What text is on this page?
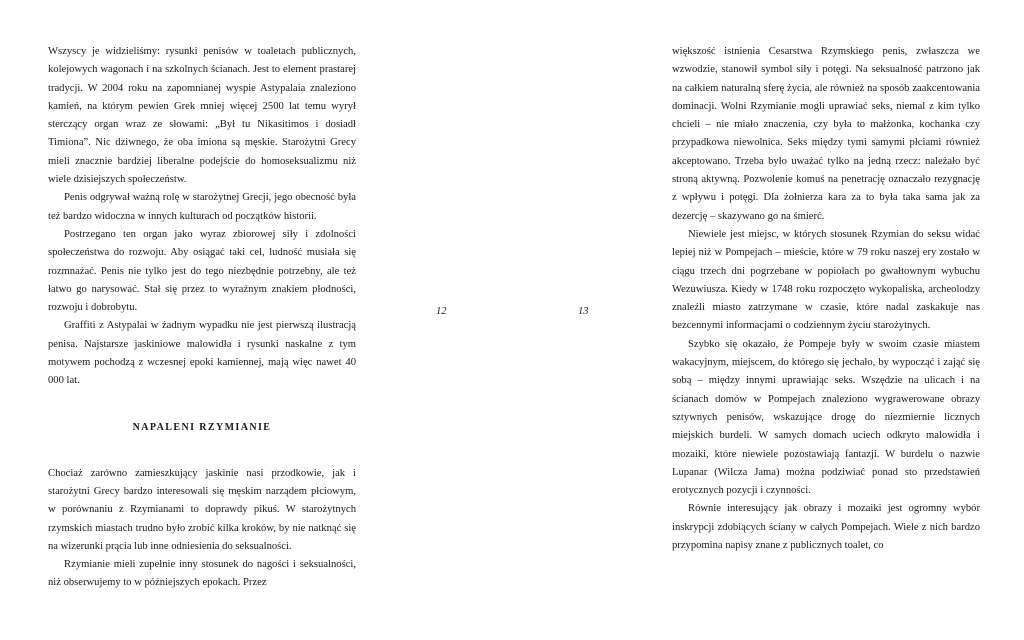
Wszyscy je widzieliśmy: rysunki penisów w toaletach publicznych, kolejowych wagonach i na szkolnych ścianach. Jest to element prastarej tradycji. W 2004 roku na zapomnianej wyspie Astypalaia znaleziono kamień, na którym pewien Grek mniej więcej 2500 lat temu wyrył sterczący organ wraz ze słowami: „Był tu Nikasitimos i dosiadł Timiona”. Nic dziwnego, że oba imiona są męskie. Starożytni Grecy mieli znacznie bardziej liberalne podejście do homoseksualizmu niż wiele dzisiejszych społeczeństw.

Penis odgrywał ważną rolę w starożytnej Grecji, jego obecność była też bardzo widoczna w innych kulturach od początków historii.

Postrzegano ten organ jako wyraz zbiorowej siły i zdolności społeczeństwa do rozwoju. Aby osiągać taki cel, ludność musiała się rozmnażać. Penis nie tylko jest do tego niezbędnie potrzebny, ale też łatwo go narysować. Stał się przez to wyraźnym znakiem płodności, rozwoju i dobrobytu.

Graffiti z Astypalai w żadnym wypadku nie jest pierwszą ilustracją penisa. Najstarsze jaskiniowe malowidła i rysunki naskalne z tym motywem pochodzą z wczesnej epoki kamiennej, mają więc nawet 40 000 lat.

NAPALENI RZYMIANIE

Chociaż zarówno zamieszkujący jaskinie nasi przodkowie, jak i starożytni Grecy bardzo interesowali się męskim narządem płciowym, w porównaniu z Rzymianami to doprawdy pikuś. W starożytnych rzymskich miastach trudno było zrobić kilka kroków, by nie natknąć się na wizerunki prącia lub inne odniesienia do seksualności.

Rzymianie mieli zupełnie inny stosunek do nagości i seksualności, niż obserwujemy to w późniejszych epokach. Przez

12	13

większość istnienia Cesarstwa Rzymskiego penis, zwłaszcza we wzwodzie, stanowił symbol siły i potęgi. Na seksualność patrzono jak na całkiem naturalną sferę życia, ale również na sposób zaakcentowania dominacji. Wolni Rzymianie mogli uprawiać seks, niemal z kim tylko chcieli – nie miało znaczenia, czy była to małżonka, kochanka czy przypadkowa niewolnica. Seks między tymi samymi płciami również akceptowano. Trzeba było uważać tylko na jedną rzecz: należało być stroną aktywną. Pozwolenie komuś na penetrację oznaczało rezygnację z wpływu i potęgi. Dla żołnierza kara za to była taka sama jak za dezercję – skazywano go na śmierć.

Niewiele jest miejsc, w których stosunek Rzymian do seksu widać lepiej niż w Pompejach – mieście, które w 79 roku naszej ery zostało w ciągu trzech dni pogrzebane w popiołach po gwałtownym wybuchu Wezuwiusza. Kiedy w 1748 roku rozpoczęto wykopaliska, archeolodzy znaleźli miasto zatrzymane w czasie, które nadal zaskakuje nas bezcennymi informacjami o codziennym życiu starożytnych.

Szybko się okazało, że Pompeje były w swoim czasie miastem wakacyjnym, miejscem, do którego się jechało, by wypocząć i zająć się sobą – między innymi uprawiając seks. Wszędzie na ulicach i na ścianach domów w Pompejach znaleziono wygrawerowane obrazy sztywnych penisów, wskazujące drogę do niezmiernie licznych miejskich burdeli. W samych domach uciech odkryto malowidła i mozaiki, które niewiele pozostawiają fantazji. W burdelu o nazwie Lupanar (Wilcza Jama) można podziwiać ponad sto przedstawień erotycznych pozycji i czynności.

Równie interesujący jak obrazy i mozaiki jest ogromny wybór inskrypcji zdobiących ściany w całych Pompejach. Wiele z nich bardzo przypomina napisy znane z publicznych toalet, co
